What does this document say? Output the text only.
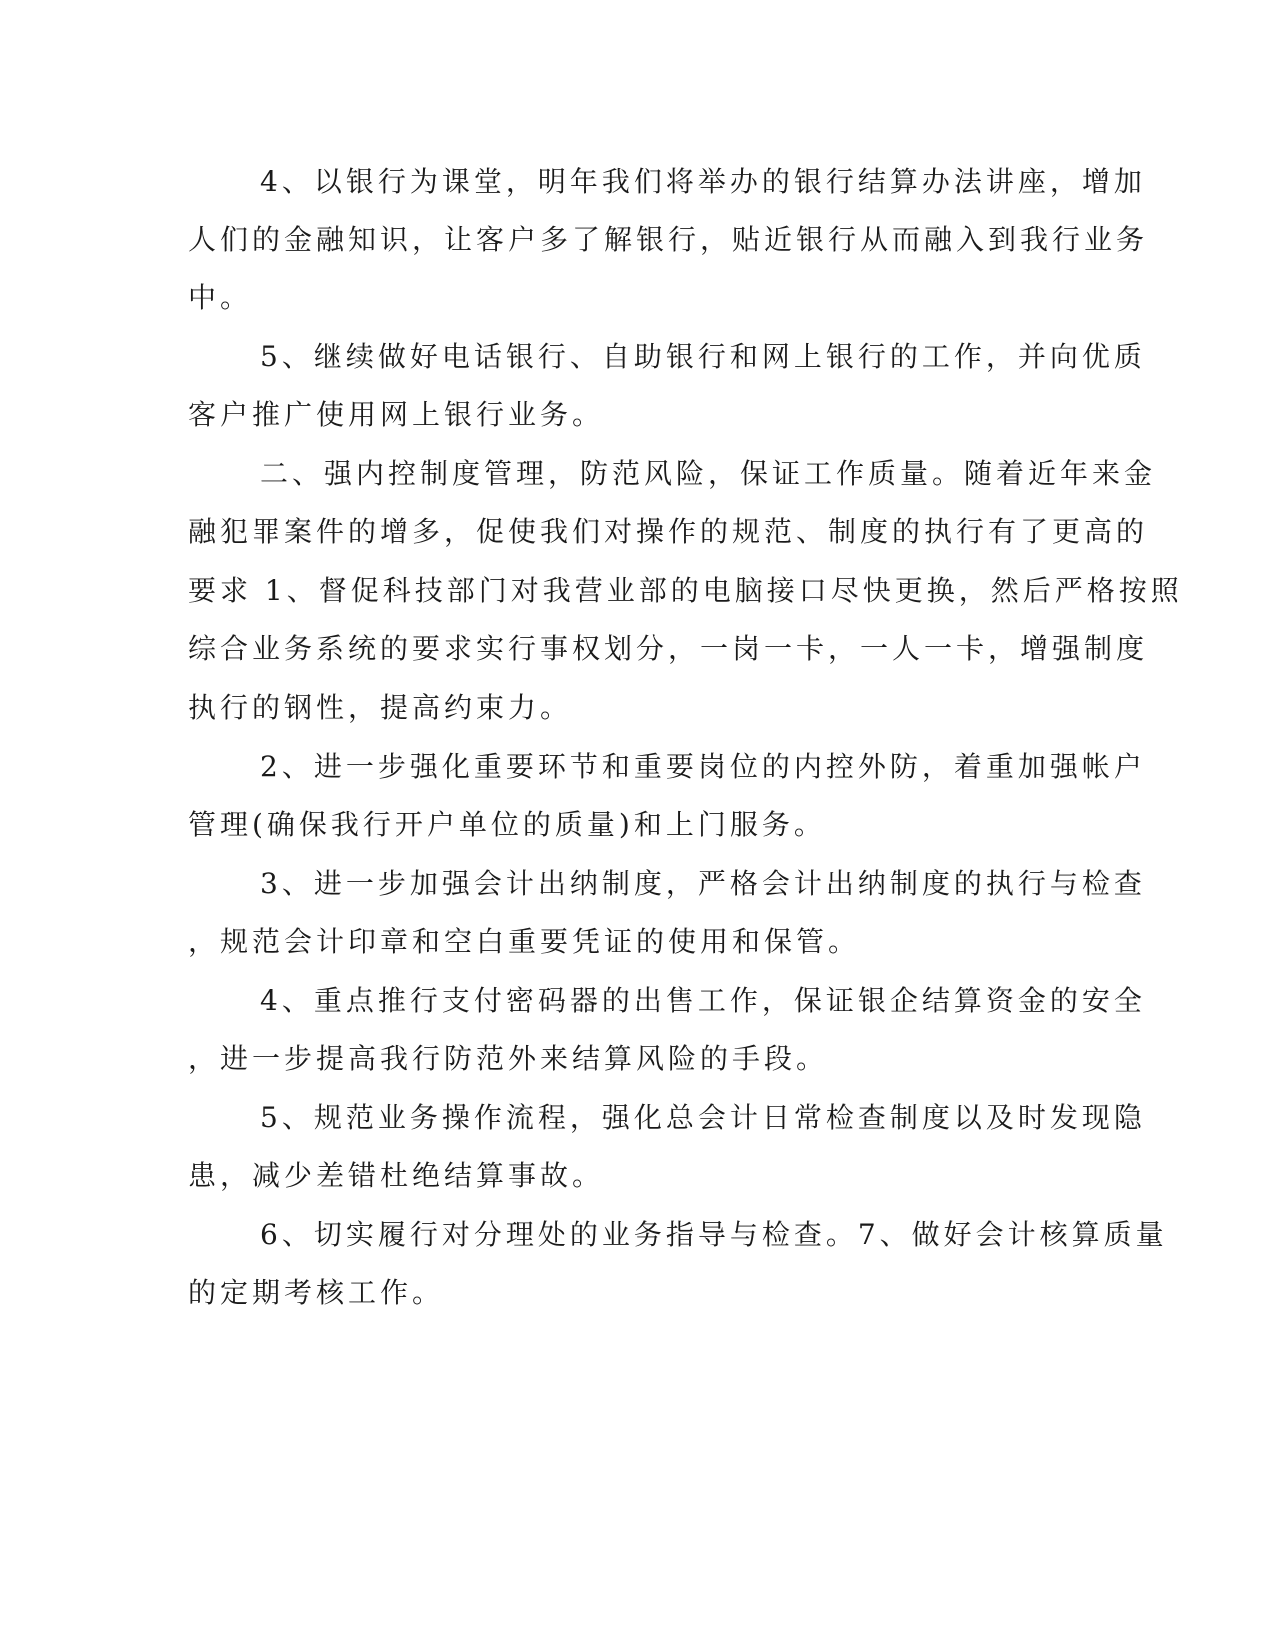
4、以银行为课堂，明年我们将举办的银行结算办法讲座，增加

人们的金融知识，让客户多了解银行，贴近银行从而融入到我行业务

中。

5、继续做好电话银行、自助银行和网上银行的工作，并向优质

客户推广使用网上银行业务。

二、强内控制度管理，防范风险，保证工作质量。随着近年来金

融犯罪案件的增多，促使我们对操作的规范、制度的执行有了更高的

要求 1、督促科技部门对我营业部的电脑接口尽快更换，然后严格按照

综合业务系统的要求实行事权划分，一岗一卡，一人一卡，增强制度

执行的钢性，提高约束力。

2、进一步强化重要环节和重要岗位的内控外防，着重加强帐户

管理(确保我行开户单位的质量)和上门服务。

3、进一步加强会计出纳制度，严格会计出纳制度的执行与检查

，规范会计印章和空白重要凭证的使用和保管。

4、重点推行支付密码器的出售工作，保证银企结算资金的安全

，进一步提高我行防范外来结算风险的手段。

5、规范业务操作流程，强化总会计日常检查制度以及时发现隐

患，减少差错杜绝结算事故。

6、切实履行对分理处的业务指导与检查。7、做好会计核算质量

的定期考核工作。
